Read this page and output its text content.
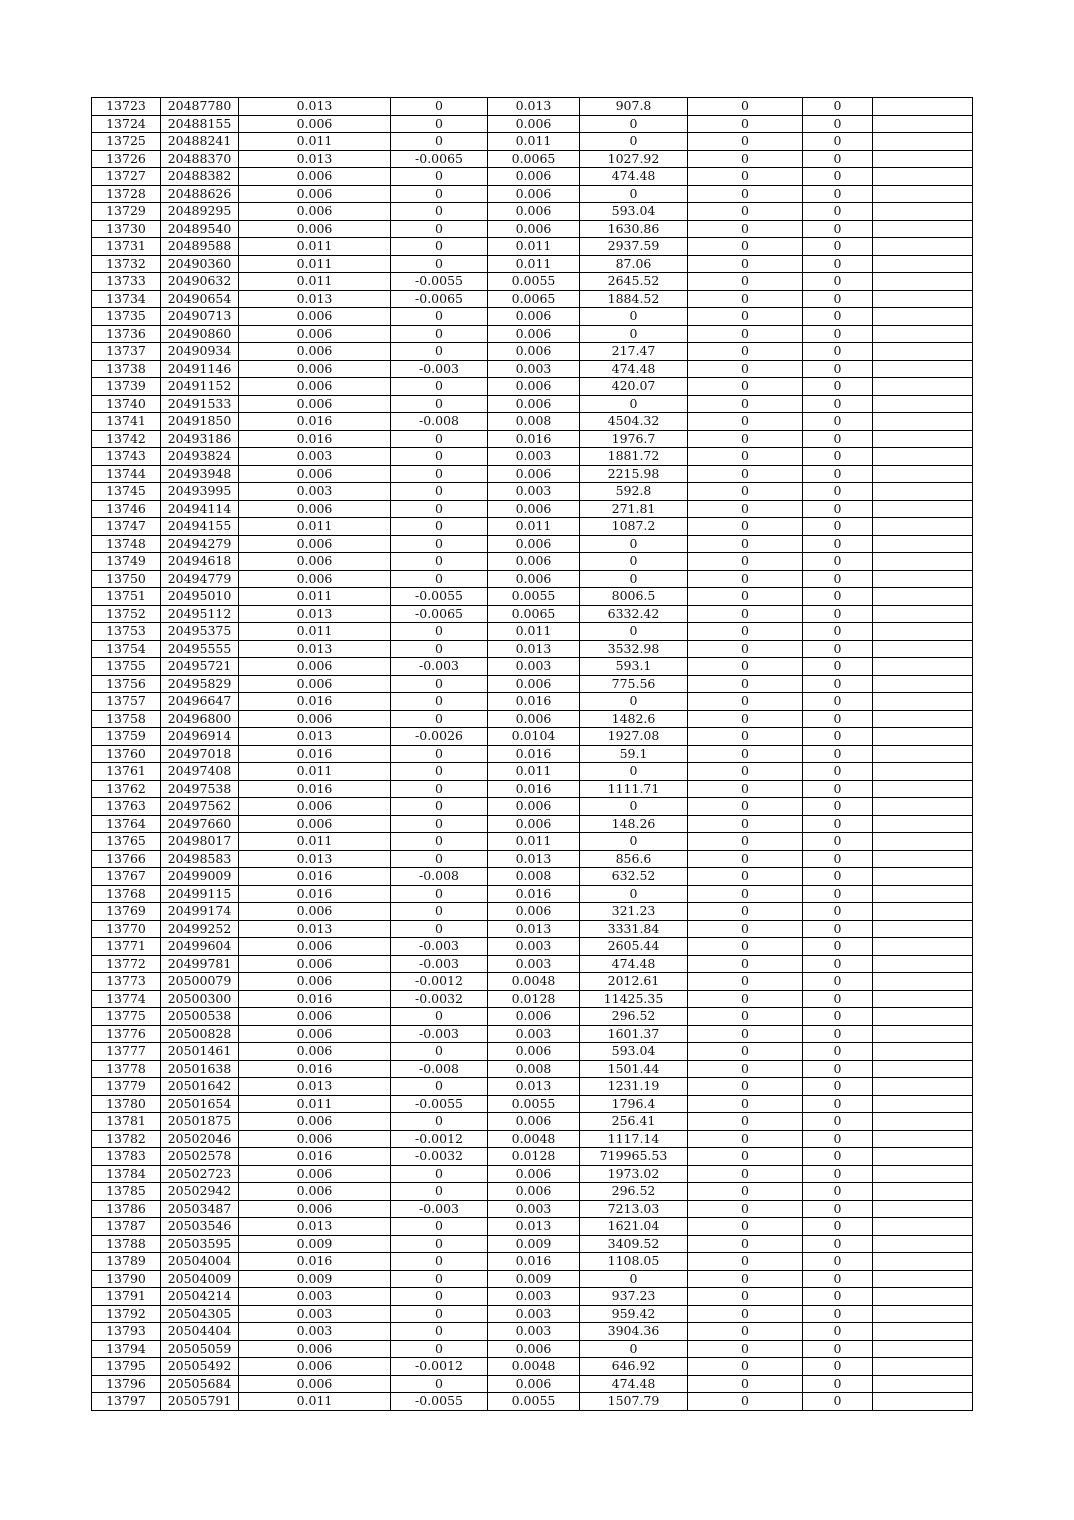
13723	20487780	0.013	0	0.013	907.8	0	0	
13724	20488155	0.006	0	0.006	0	0	0	
13725	20488241	0.011	0	0.011	0	0	0	
13726	20488370	0.013	-0.0065	0.0065	1027.92	0	0	
13727	20488382	0.006	0	0.006	474.48	0	0	
13728	20488626	0.006	0	0.006	0	0	0	
13729	20489295	0.006	0	0.006	593.04	0	0	
13730	20489540	0.006	0	0.006	1630.86	0	0	
13731	20489588	0.011	0	0.011	2937.59	0	0	
13732	20490360	0.011	0	0.011	87.06	0	0	
13733	20490632	0.011	-0.0055	0.0055	2645.52	0	0	
13734	20490654	0.013	-0.0065	0.0065	1884.52	0	0	
13735	20490713	0.006	0	0.006	0	0	0	
13736	20490860	0.006	0	0.006	0	0	0	
13737	20490934	0.006	0	0.006	217.47	0	0	
13738	20491146	0.006	-0.003	0.003	474.48	0	0	
13739	20491152	0.006	0	0.006	420.07	0	0	
13740	20491533	0.006	0	0.006	0	0	0	
13741	20491850	0.016	-0.008	0.008	4504.32	0	0	
13742	20493186	0.016	0	0.016	1976.7	0	0	
13743	20493824	0.003	0	0.003	1881.72	0	0	
13744	20493948	0.006	0	0.006	2215.98	0	0	
13745	20493995	0.003	0	0.003	592.8	0	0	
13746	20494114	0.006	0	0.006	271.81	0	0	
13747	20494155	0.011	0	0.011	1087.2	0	0	
13748	20494279	0.006	0	0.006	0	0	0	
13749	20494618	0.006	0	0.006	0	0	0	
13750	20494779	0.006	0	0.006	0	0	0	
13751	20495010	0.011	-0.0055	0.0055	8006.5	0	0	
13752	20495112	0.013	-0.0065	0.0065	6332.42	0	0	
13753	20495375	0.011	0	0.011	0	0	0	
13754	20495555	0.013	0	0.013	3532.98	0	0	
13755	20495721	0.006	-0.003	0.003	593.1	0	0	
13756	20495829	0.006	0	0.006	775.56	0	0	
13757	20496647	0.016	0	0.016	0	0	0	
13758	20496800	0.006	0	0.006	1482.6	0	0	
13759	20496914	0.013	-0.0026	0.0104	1927.08	0	0	
13760	20497018	0.016	0	0.016	59.1	0	0	
13761	20497408	0.011	0	0.011	0	0	0	
13762	20497538	0.016	0	0.016	1111.71	0	0	
13763	20497562	0.006	0	0.006	0	0	0	
13764	20497660	0.006	0	0.006	148.26	0	0	
13765	20498017	0.011	0	0.011	0	0	0	
13766	20498583	0.013	0	0.013	856.6	0	0	
13767	20499009	0.016	-0.008	0.008	632.52	0	0	
13768	20499115	0.016	0	0.016	0	0	0	
13769	20499174	0.006	0	0.006	321.23	0	0	
13770	20499252	0.013	0	0.013	3331.84	0	0	
13771	20499604	0.006	-0.003	0.003	2605.44	0	0	
13772	20499781	0.006	-0.003	0.003	474.48	0	0	
13773	20500079	0.006	-0.0012	0.0048	2012.61	0	0	
13774	20500300	0.016	-0.0032	0.0128	11425.35	0	0	
13775	20500538	0.006	0	0.006	296.52	0	0	
13776	20500828	0.006	-0.003	0.003	1601.37	0	0	
13777	20501461	0.006	0	0.006	593.04	0	0	
13778	20501638	0.016	-0.008	0.008	1501.44	0	0	
13779	20501642	0.013	0	0.013	1231.19	0	0	
13780	20501654	0.011	-0.0055	0.0055	1796.4	0	0	
13781	20501875	0.006	0	0.006	256.41	0	0	
13782	20502046	0.006	-0.0012	0.0048	1117.14	0	0	
13783	20502578	0.016	-0.0032	0.0128	719965.53	0	0	
13784	20502723	0.006	0	0.006	1973.02	0	0	
13785	20502942	0.006	0	0.006	296.52	0	0	
13786	20503487	0.006	-0.003	0.003	7213.03	0	0	
13787	20503546	0.013	0	0.013	1621.04	0	0	
13788	20503595	0.009	0	0.009	3409.52	0	0	
13789	20504004	0.016	0	0.016	1108.05	0	0	
13790	20504009	0.009	0	0.009	0	0	0	
13791	20504214	0.003	0	0.003	937.23	0	0	
13792	20504305	0.003	0	0.003	959.42	0	0	
13793	20504404	0.003	0	0.003	3904.36	0	0	
13794	20505059	0.006	0	0.006	0	0	0	
13795	20505492	0.006	-0.0012	0.0048	646.92	0	0	
13796	20505684	0.006	0	0.006	474.48	0	0	
13797	20505791	0.011	-0.0055	0.0055	1507.79	0	0	
